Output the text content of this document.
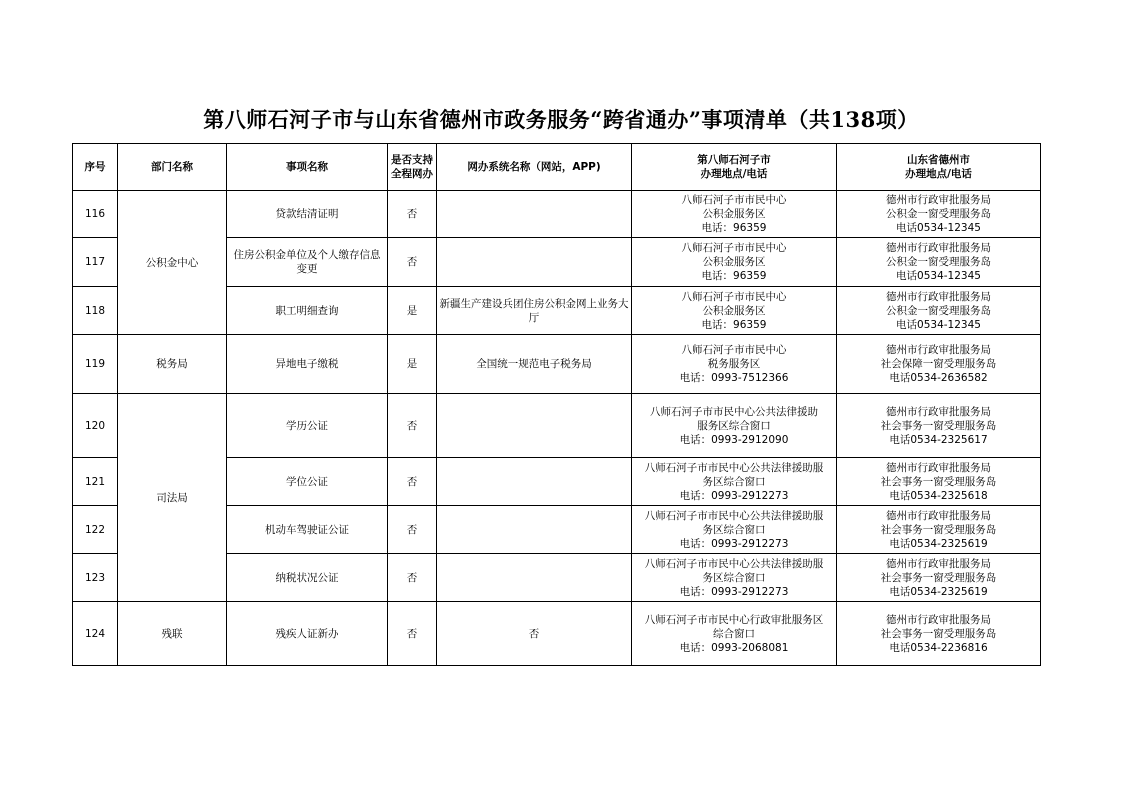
第八师石河子市与山东省德州市政务服务“跨省通办”事项清单（共138项）
序号	部门名称	事项名称	是否支持
全程网办	网办系统名称（网站，APP)	第八师石河子市
办理地点/电话	山东省德州市
办理地点/电话
116	公积金中心	贷款结清证明	否		八师石河子市市民中心
公积金服务区
电话：96359	德州市行政审批服务局
公积金一窗受理服务岛
电话0534-12345
117		住房公积金单位及个人缴存信息变更	否		八师石河子市市民中心
公积金服务区
电话：96359	德州市行政审批服务局
公积金一窗受理服务岛
电话0534-12345
118		职工明细查询	是	新疆生产建设兵团住房公积金网上业务大厅	八师石河子市市民中心
公积金服务区
电话：96359	德州市行政审批服务局
公积金一窗受理服务岛
电话0534-12345
119	税务局	异地电子缴税	是	全国统一规范电子税务局	八师石河子市市民中心
税务服务区
电话：0993-7512366	德州市行政审批服务局
社会保障一窗受理服务岛
电话0534-2636582
120	司法局	学历公证	否		八师石河子市市民中心公共法律援助
服务区综合窗口
电话：0993-2912090	德州市行政审批服务局
社会事务一窗受理服务岛
电话0534-2325617
121		学位公证	否		八师石河子市市民中心公共法律援助服
务区综合窗口
电话：0993-2912273	德州市行政审批服务局
社会事务一窗受理服务岛
电话0534-2325618
122		机动车驾驶证公证	否		八师石河子市市民中心公共法律援助服
务区综合窗口
电话：0993-2912273	德州市行政审批服务局
社会事务一窗受理服务岛
电话0534-2325619
123		纳税状况公证	否		八师石河子市市民中心公共法律援助服
务区综合窗口
电话：0993-2912273	德州市行政审批服务局
社会事务一窗受理服务岛
电话0534-2325619
124	残联	残疾人证新办	否	否	八师石河子市市民中心行政审批服务区
综合窗口
电话：0993-2068081	德州市行政审批服务局
社会事务一窗受理服务岛
电话0534-2236816
